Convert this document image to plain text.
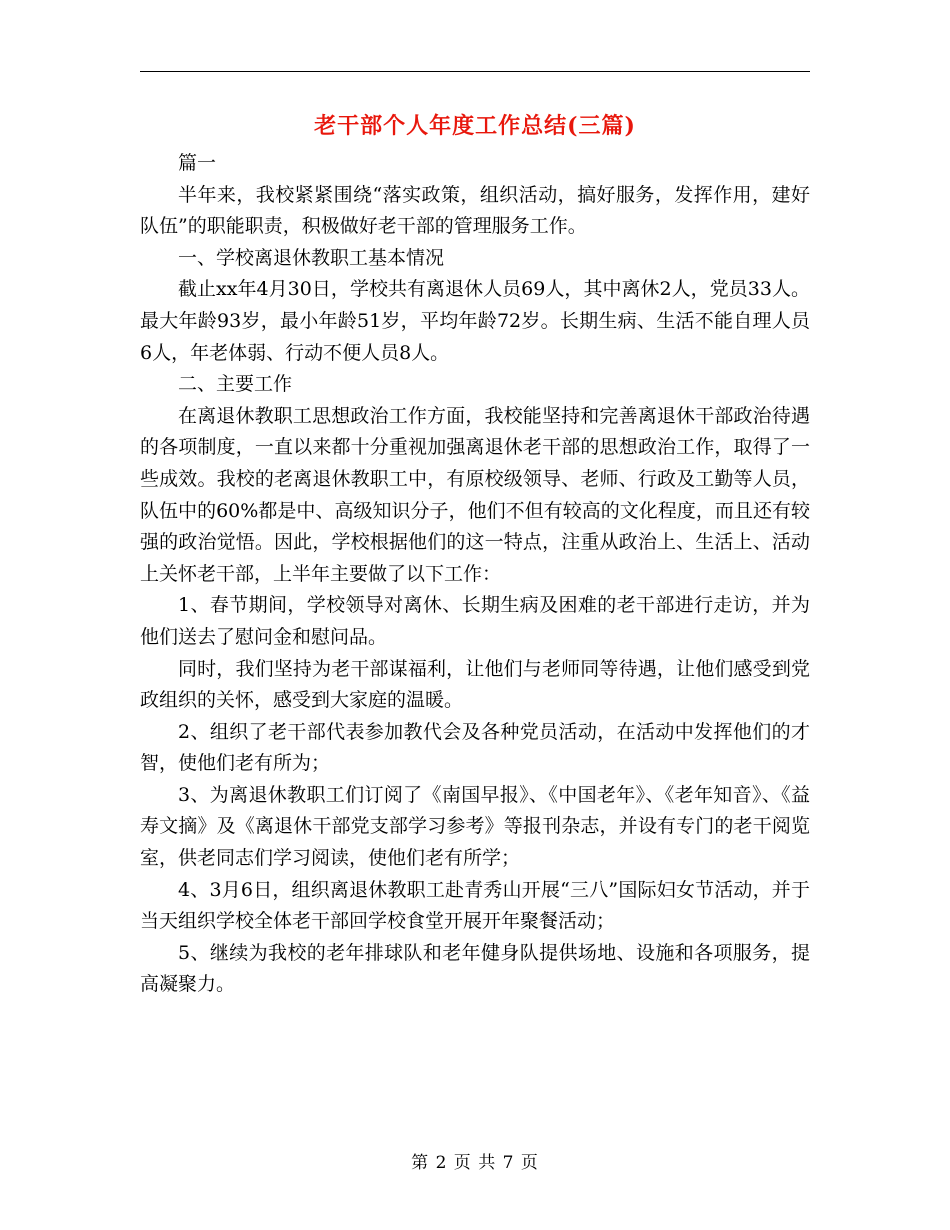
老干部个人年度工作总结(三篇)

篇一

半年来，我校紧紧围绕“落实政策，组织活动，搞好服务，发挥作用，建好队伍”的职能职责，积极做好老干部的管理服务工作。

一、学校离退休教职工基本情况

截止xx年4月30日，学校共有离退休人员69人，其中离休2人，党员33人。最大年龄93岁，最小年龄51岁，平均年龄72岁。长期生病、生活不能自理人员6人，年老体弱、行动不便人员8人。

二、主要工作

在离退休教职工思想政治工作方面，我校能坚持和完善离退休干部政治待遇的各项制度，一直以来都十分重视加强离退休老干部的思想政治工作，取得了一些成效。我校的老离退休教职工中，有原校级领导、老师、行政及工勤等人员，队伍中的60%都是中、高级知识分子，他们不但有较高的文化程度，而且还有较强的政治觉悟。因此，学校根据他们的这一特点，注重从政治上、生活上、活动上关怀老干部，上半年主要做了以下工作：

1、春节期间，学校领导对离休、长期生病及困难的老干部进行走访，并为他们送去了慰问金和慰问品。

同时，我们坚持为老干部谋福利，让他们与老师同等待遇，让他们感受到党政组织的关怀，感受到大家庭的温暖。

2、组织了老干部代表参加教代会及各种党员活动，在活动中发挥他们的才智，使他们老有所为；

3、为离退休教职工们订阅了《南国早报》、《中国老年》、《老年知音》、《益寿文摘》及《离退休干部党支部学习参考》等报刊杂志，并设有专门的老干阅览室，供老同志们学习阅读，使他们老有所学；

4、3月6日，组织离退休教职工赴青秀山开展“三八”国际妇女节活动，并于当天组织学校全体老干部回学校食堂开展开年聚餐活动；

5、继续为我校的老年排球队和老年健身队提供场地、设施和各项服务，提高凝聚力。

第 2 页 共 7 页
